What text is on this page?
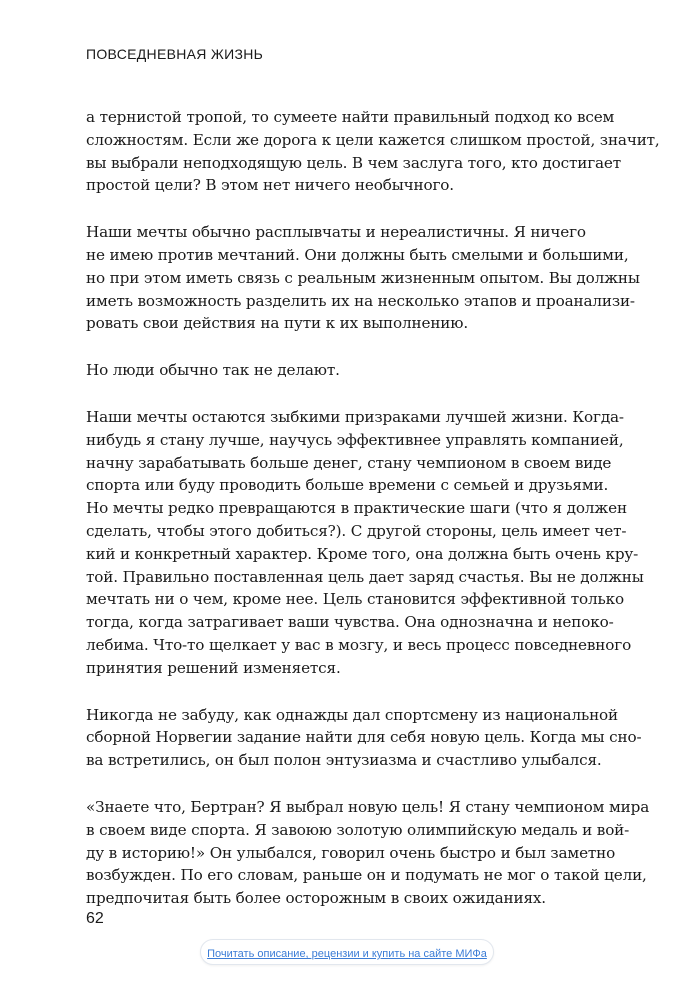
ПОВСЕДНЕВНАЯ ЖИЗНЬ

а тернистой тропой, то сумеете найти правильный подход ко всем
сложностям. Если же дорога к цели кажется слишком простой, значит,
вы выбрали неподходящую цель. В чем заслуга того, кто достигает
простой цели? В этом нет ничего необычного.

Наши мечты обычно расплывчаты и нереалистичны. Я ничего
не имею против мечтаний. Они должны быть смелыми и большими,
но при этом иметь связь с реальным жизненным опытом. Вы должны
иметь возможность разделить их на несколько этапов и проанализи-
ровать свои действия на пути к их выполнению.

Но люди обычно так не делают.

Наши мечты остаются зыбкими призраками лучшей жизни. Когда-
нибудь я стану лучше, научусь эффективнее управлять компанией,
начну зарабатывать больше денег, стану чемпионом в своем виде
спорта или буду проводить больше времени с семьей и друзьями.
Но мечты редко превращаются в практические шаги (что я должен
сделать, чтобы этого добиться?). С другой стороны, цель имеет чет-
кий и конкретный характер. Кроме того, она должна быть очень кру-
той. Правильно поставленная цель дает заряд счастья. Вы не должны
мечтать ни о чем, кроме нее. Цель становится эффективной только
тогда, когда затрагивает ваши чувства. Она однозначна и непоко-
лебима. Что-то щелкает у вас в мозгу, и весь процесс повседневного
принятия решений изменяется.

Никогда не забуду, как однажды дал спортсмену из национальной
сборной Норвегии задание найти для себя новую цель. Когда мы сно-
ва встретились, он был полон энтузиазма и счастливо улыбался.

«Знаете что, Бертран? Я выбрал новую цель! Я стану чемпионом мира
в своем виде спорта. Я завоюю золотую олимпийскую медаль и вой-
ду в историю!» Он улыбался, говорил очень быстро и был заметно
возбужден. По его словам, раньше он и подумать не мог о такой цели,
предпочитая быть более осторожным в своих ожиданиях.

62
Почитать описание, рецензии и купить на сайте МИФа
